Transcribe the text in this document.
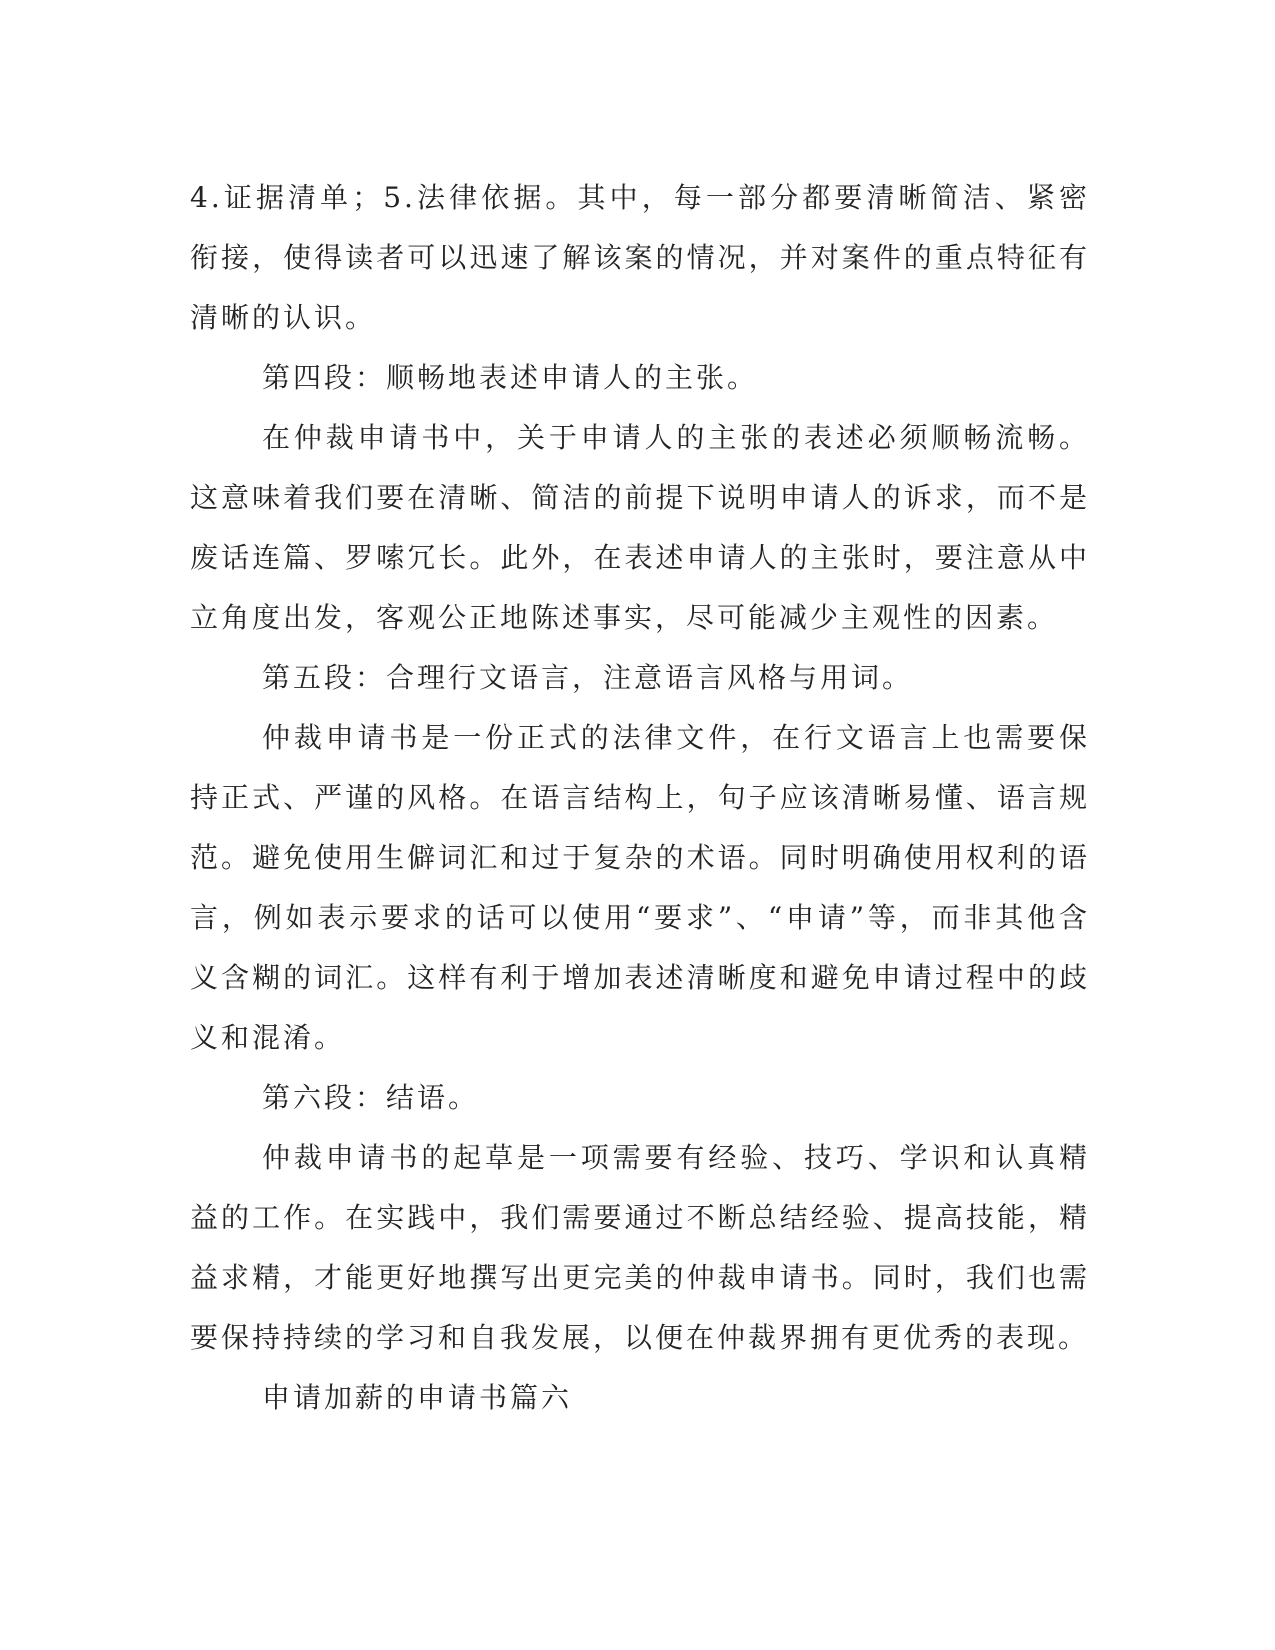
4.证据清单；5.法律依据。其中，每一部分都要清晰简洁、紧密衔接，使得读者可以迅速了解该案的情况，并对案件的重点特征有清晰的认识。

第四段：顺畅地表述申请人的主张。

在仲裁申请书中，关于申请人的主张的表述必须顺畅流畅。这意味着我们要在清晰、简洁的前提下说明申请人的诉求，而不是废话连篇、罗嗦冗长。此外，在表述申请人的主张时，要注意从中立角度出发，客观公正地陈述事实，尽可能减少主观性的因素。

第五段：合理行文语言，注意语言风格与用词。

仲裁申请书是一份正式的法律文件，在行文语言上也需要保持正式、严谨的风格。在语言结构上，句子应该清晰易懂、语言规范。避免使用生僻词汇和过于复杂的术语。同时明确使用权利的语言，例如表示要求的话可以使用“要求”、“申请”等，而非其他含义含糊的词汇。这样有利于增加表述清晰度和避免申请过程中的歧义和混淆。

第六段：结语。

仲裁申请书的起草是一项需要有经验、技巧、学识和认真精益的工作。在实践中，我们需要通过不断总结经验、提高技能，精益求精，才能更好地撰写出更完美的仲裁申请书。同时，我们也需要保持持续的学习和自我发展，以便在仲裁界拥有更优秀的表现。

申请加薪的申请书篇六
